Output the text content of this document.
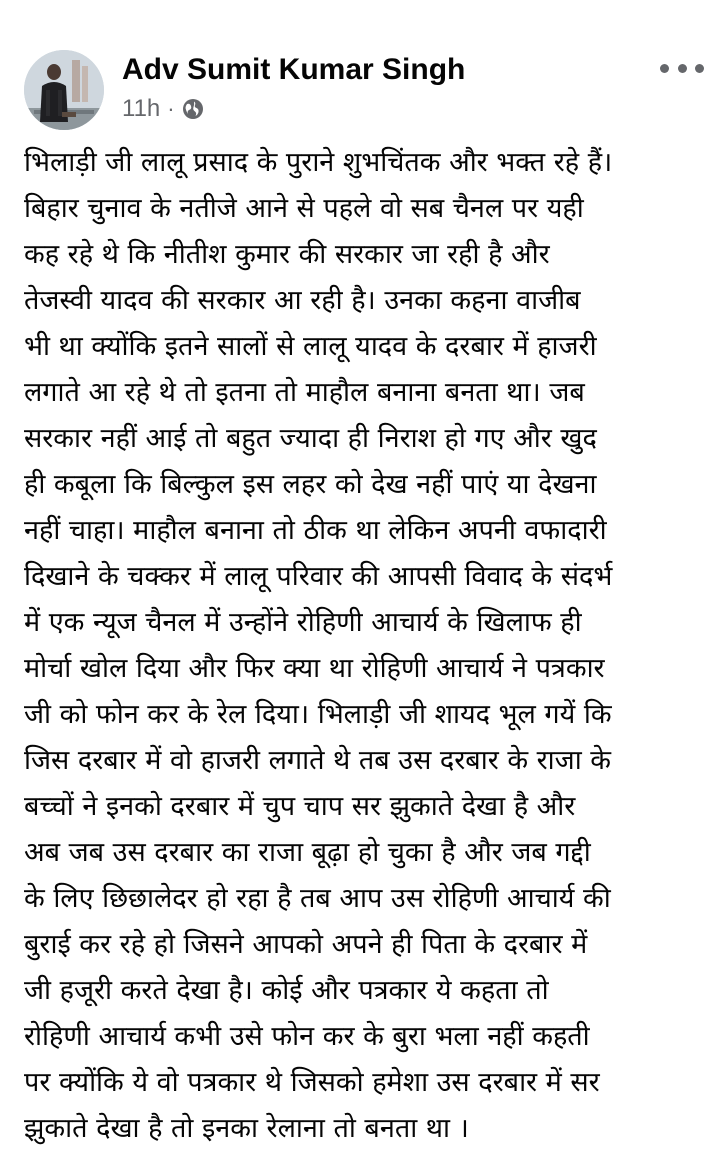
Adv Sumit Kumar Singh
11h ·
भिलाड़ी जी लालू प्रसाद के पुराने शुभचिंतक और भक्त रहे हैं।
बिहार चुनाव के नतीजे आने से पहले वो सब चैनल पर यही
कह रहे थे कि नीतीश कुमार की सरकार जा रही है और
तेजस्वी यादव की सरकार आ रही है। उनका कहना वाजीब
भी था क्योंकि इतने सालों से लालू यादव के दरबार में हाजरी
लगाते आ रहे थे तो इतना तो माहौल बनाना बनता था। जब
सरकार नहीं आई तो बहुत ज्यादा ही निराश हो गए और खुद
ही कबूला कि बिल्कुल इस लहर को देख नहीं पाएं या देखना
नहीं चाहा। माहौल बनाना तो ठीक था लेकिन अपनी वफादारी
दिखाने के चक्कर में लालू परिवार की आपसी विवाद के संदर्भ
में एक न्यूज चैनल में उन्होंने रोहिणी आचार्य के खिलाफ ही
मोर्चा खोल दिया और फिर क्या था रोहिणी आचार्य ने पत्रकार
जी को फोन कर के रेल दिया। भिलाड़ी जी शायद भूल गयें कि
जिस दरबार में वो हाजरी लगाते थे तब उस दरबार के राजा के
बच्चों ने इनको दरबार में चुप चाप सर झुकाते देखा है और
अब जब उस दरबार का राजा बूढ़ा हो चुका है और जब गद्दी
के लिए छिछालेदर हो रहा है तब आप उस रोहिणी आचार्य की
बुराई कर रहे हो जिसने आपको अपने ही पिता के दरबार में
जी हजूरी करते देखा है। कोई और पत्रकार ये कहता तो
रोहिणी आचार्य कभी उसे फोन कर के बुरा भला नहीं कहती
पर क्योंकि ये वो पत्रकार थे जिसको हमेशा उस दरबार में सर
झुकाते देखा है तो इनका रेलाना तो बनता था ।
